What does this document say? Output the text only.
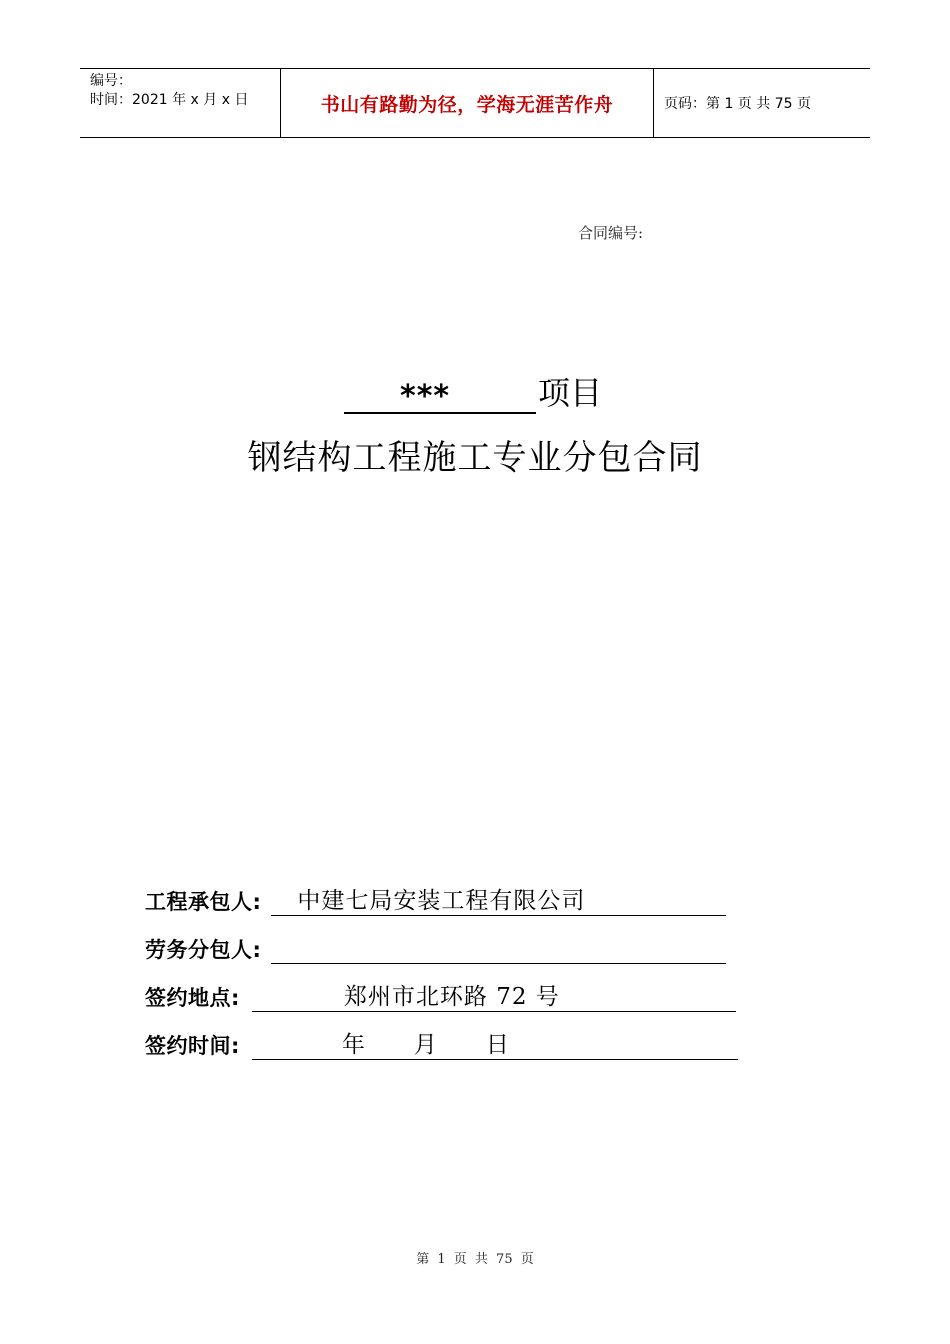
编号：
时间：2021 年 x 月 x 日	书山有路勤为径，学海无涯苦作舟	页码：第 1 页 共 75 页
合同编号:
***	项目
钢结构工程施工专业分包合同
工程承包人: 中建七局安装工程有限公司
劳务分包人:
签约地点:	郑州市北环路 72 号
签约时间:	年 月 日
第 1 页 共 75 页
